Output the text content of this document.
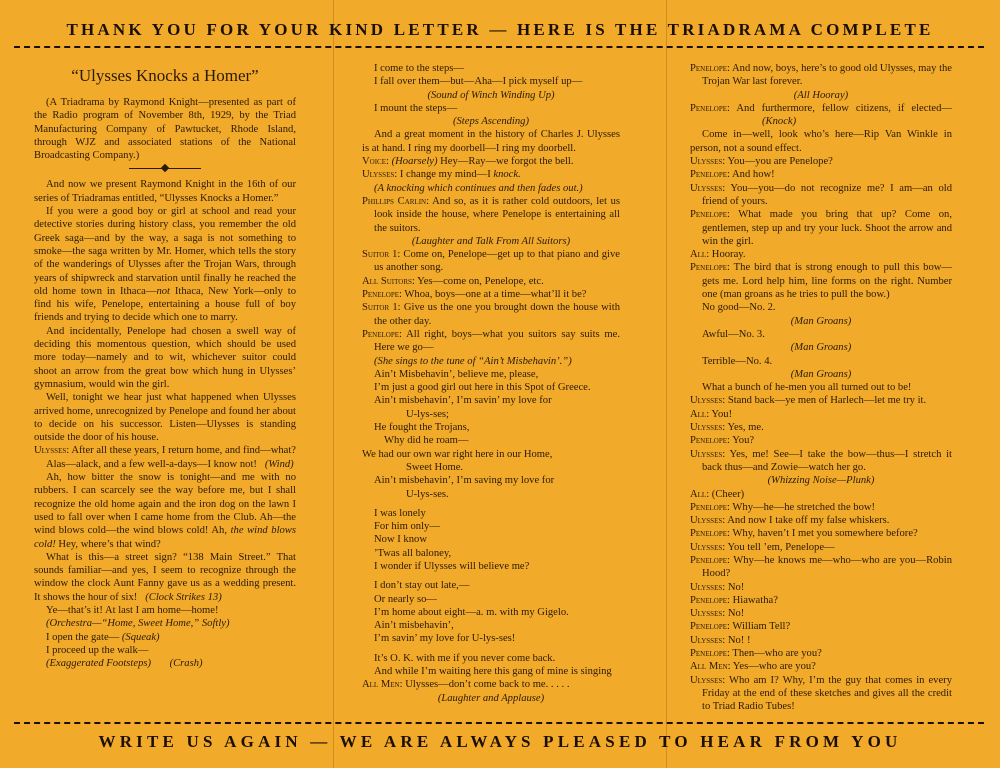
THANK YOU FOR YOUR KIND LETTER — HERE IS THE TRIADRAMA COMPLETE
“Ulysses Knocks a Homer”

(A Triadrama by Raymond Knight—presented as part of the Radio program of November 8th, 1929, by the Triad Manufacturing Company of Pawtucket, Rhode Island, through WJZ and associated stations of the National Broadcasting Company.)

And now we present Raymond Knight in the 16th of our series of Triadramas entitled, “Ulysses Knocks a Homer.”

If you were a good boy or girl at school and read your detective stories during history class, you remember the old Greek saga—and by the way, a saga is not something to smoke—the saga written by Mr. Homer, which tells the story of the wanderings of Ulysses after the Trojan Wars, through years of shipwreck and starvation until finally he reached the old home town in Ithaca—not Ithaca, New York—only to find his wife, Penelope, entertaining a house full of boy friends and trying to decide which one to marry.

And incidentally, Penelope had chosen a swell way of deciding this momentous question, which should be used more today—namely and to wit, whichever suitor could shoot an arrow from the great bow which hung in Ulysses’ gymnasium, would win the girl.

Well, tonight we hear just what happened when Ulysses arrived home, unrecognized by Penelope and found her about to decide on his successor. Listen—Ulysses is standing outside the door of his house.

Ulysses: After all these years, I return home, and find—what? Alas—alack, and a few well-a-days—I know not! (Wind)

Ah, how bitter the snow is tonight—and me with no rubbers. I can scarcely see the way before me, but I shall recognize the old home again and the iron dog on the lawn I used to fall over when I came home from the Club. Ah—the wind blows cold—the wind blows cold! Ah, the wind blows cold! Hey, where’s that wind?

What is this—a street sign? “138 Main Street.” That sounds familiar—and yes, I seem to recognize through the window the clock Aunt Fanny gave us as a wedding present. It shows the hour of six! (Clock Strikes 13)

Ye—that’s it! At last I am home—home!

(Orchestra—“Home, Sweet Home,” Softly)

I open the gate— (Squeak)

I proceed up the walk—

(Exaggerated Footsteps) (Crash)

I come to the steps—

I fall over them—but—Aha—I pick myself up—

(Sound of Winch Winding Up)

I mount the steps—

(Steps Ascending)

And a great moment in the history of Charles J. Ulysses is at hand. I ring my doorbell—I ring my doorbell.

Voice: (Hoarsely) Hey—Ray—we forgot the bell.

Ulysses: I change my mind—I knock.

(A knocking which continues and then fades out.)

Phillips Carlin: And so, as it is rather cold outdoors, let us look inside the house, where Penelope is entertaining all the suitors.

(Laughter and Talk From All Suitors)

Suitor 1: Come on, Penelope—get up to that piano and give us another song.

All Suitors: Yes—come on, Penelope, etc.

Penelope: Whoa, boys—one at a time—what’ll it be?

Suitor 1: Give us the one you brought down the house with the other day.

Penelope: All right, boys—what you suitors say suits me. Here we go—

(She sings to the tune of “Ain’t Misbehavin’.”)

Ain’t Misbehavin’, believe me, please,

I’m just a good girl out here in this Spot of Greece.

Ain’t misbehavin’, I’m savin’ my love for

U-lys-ses;

He fought the Trojans,

Why did he roam—

We had our own war right here in our Home,

Sweet Home.

Ain’t misbehavin’, I’m saving my love for

U-lys-ses.

I was lonely

For him only—

Now I know

’Twas all baloney,

I wonder if Ulysses will believe me?

I don’t stay out late,—

Or nearly so—

I’m home about eight—a. m. with my Gigelo.

Ain’t misbehavin’,

I’m savin’ my love for U-lys-ses!

It’s O. K. with me if you never come back.

And while I’m waiting here this gang of mine is singing

All Men: Ulysses—don’t come back to me. . . . .

(Laughter and Applause)

Penelope: And now, boys, here’s to good old Ulysses, may the Trojan War last forever.

(All Hooray)

Penelope: And furthermore, fellow citizens, if elected—(Knock)

Come in—well, look who’s here—Rip Van Winkle in person, not a sound effect.

Ulysses: You—you are Penelope?

Penelope: And how!

Ulysses: You—you—do not recognize me? I am—an old friend of yours.

Penelope: What made you bring that up? Come on, gentlemen, step up and try your luck. Shoot the arrow and win the girl.

All: Hooray.

Penelope: The bird that is strong enough to pull this bow—gets me. Lord help him, line forms on the right. Number one (man groans as he tries to pull the bow.)

No good—No. 2.

(Man Groans)

Awful—No. 3.

(Man Groans)

Terrible—No. 4.

(Man Groans)

What a bunch of he-men you all turned out to be!

Ulysses: Stand back—ye men of Harlech—let me try it.

All: You!

Ulysses: Yes, me.

Penelope: You?

Ulysses: Yes, me! See—I take the bow—thus—I stretch it back thus—and Zowie—watch her go.

(Whizzing Noise—Plunk)

All: (Cheer)

Penelope: Why—he—he stretched the bow!

Ulysses: And now I take off my false whiskers.

Penelope: Why, haven’t I met you somewhere before?

Ulysses: You tell ’em, Penelope—

Penelope: Why—he knows me—who—who are you—Robin Hood?

Ulysses: No!

Penelope: Hiawatha?

Ulysses: No!

Penelope: William Tell?

Ulysses: No! !

Penelope: Then—who are you?

All Men: Yes—who are you?

Ulysses: Who am I? Why, I’m the guy that comes in every Friday at the end of these sketches and gives all the credit to Triad Radio Tubes!

WRITE US AGAIN — WE ARE ALWAYS PLEASED TO HEAR FROM YOU
